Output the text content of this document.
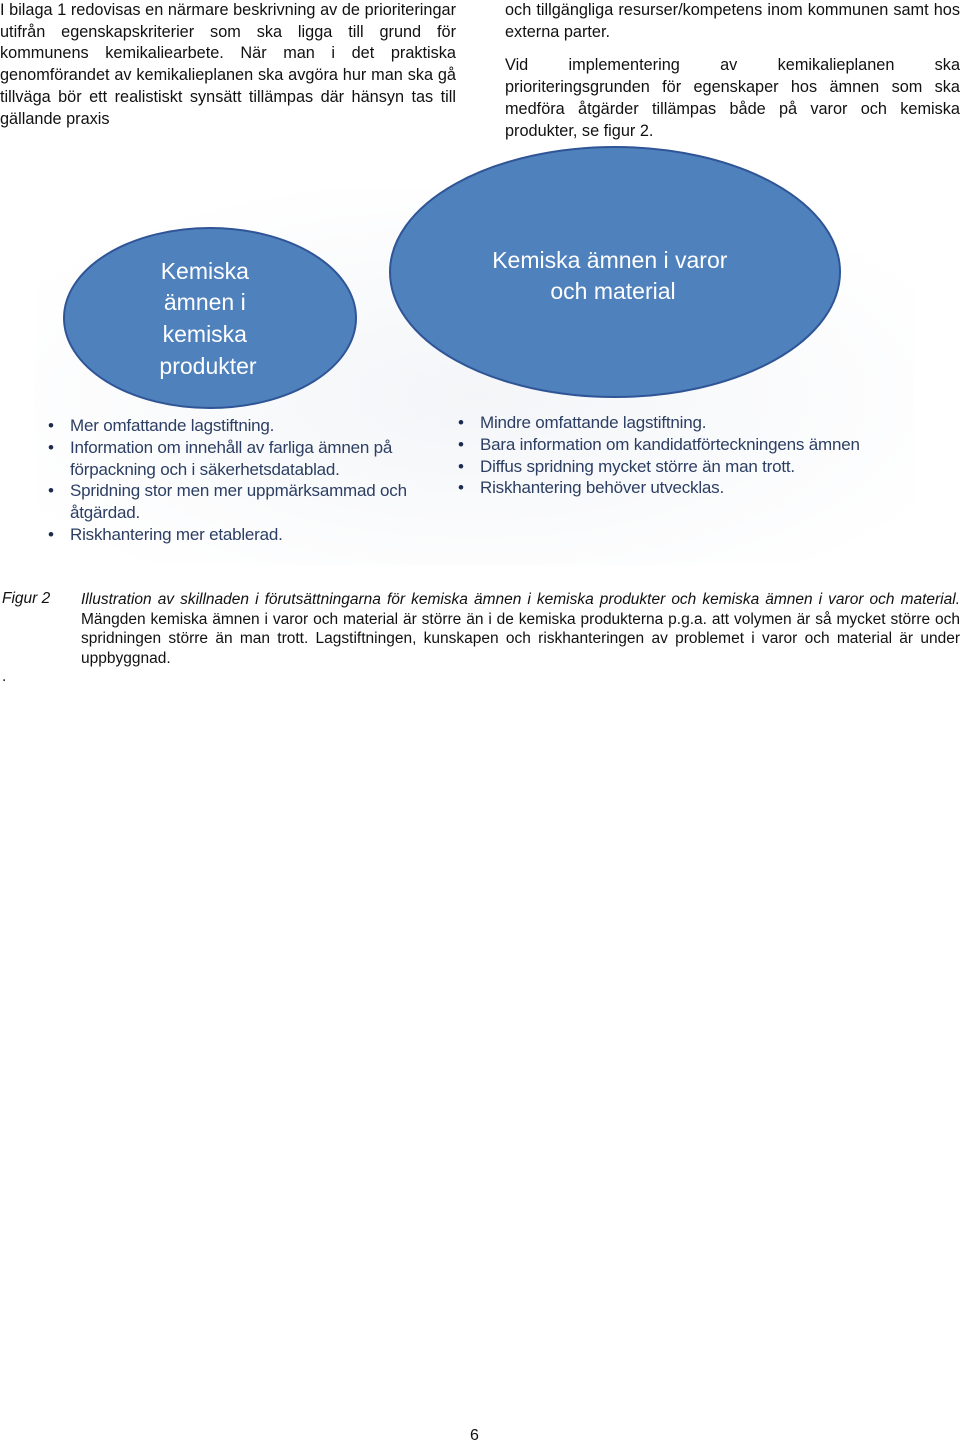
I bilaga 1 redovisas en närmare beskrivning av de prioriteringar utifrån egenskapskriterier som ska ligga till grund för kommunens kemikaliearbete. När man i det praktiska genomförandet av kemikalieplanen ska avgöra hur man ska gå tillväga bör ett realistiskt synsätt tillämpas där hänsyn tas till gällande praxis

och tillgängliga resurser/kompetens inom kommunen samt hos externa parter.

Vid implementering av kemikalieplanen ska prioriteringsgrunden för egenskaper hos ämnen som ska medföra åtgärder tillämpas både på varor och kemiska produkter, se figur 2.

Kemiska ämnen i kemiska produkter
Kemiska ämnen i varor och material
• Mer omfattande lagstiftning.
• Information om innehåll av farliga ämnen på förpackning och i säkerhetsdatablad.
• Spridning stor men mer uppmärksammad och åtgärdad.
• Riskhantering mer etablerad.
• Mindre omfattande lagstiftning.
• Bara information om kandidatförteckningens ämnen
• Diffus spridning mycket större än man trott.
• Riskhantering behöver utvecklas.
Figur 2
.

Illustration av skillnaden i förutsättningarna för kemiska ämnen i kemiska produkter och kemiska ämnen i varor och material. Mängden kemiska ämnen i varor och material är större än i de kemiska produkterna p.g.a. att volymen är så mycket större och spridningen större än man trott. Lagstiftningen, kunskapen och riskhanteringen av problemet i varor och material är under uppbyggnad.

6
